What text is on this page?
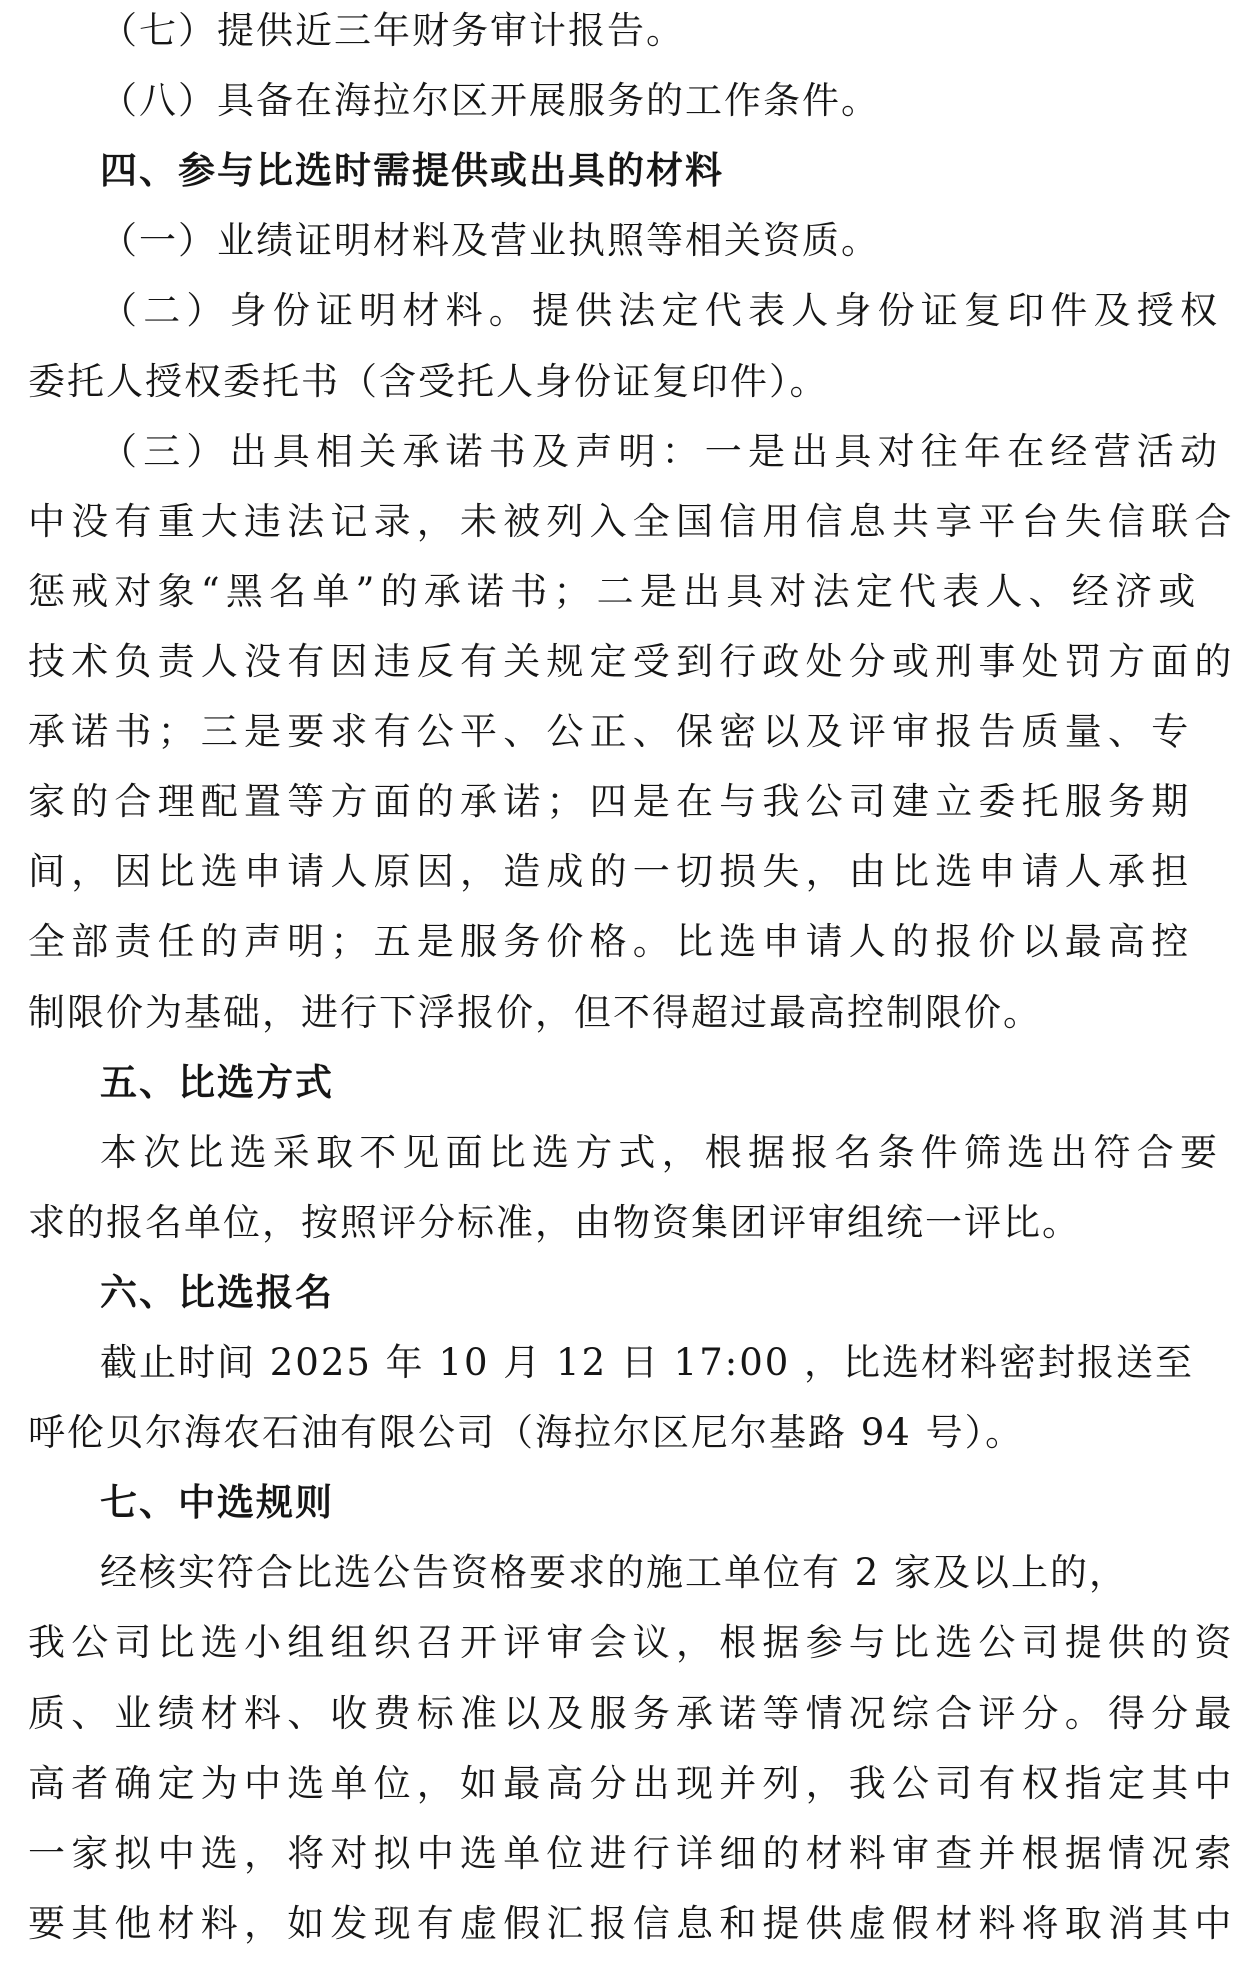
（七）提供近三年财务审计报告。
（八）具备在海拉尔区开展服务的工作条件。
四、参与比选时需提供或出具的材料
（一）业绩证明材料及营业执照等相关资质。
（二）身份证明材料。提供法定代表人身份证复印件及授权
委托人授权委托书（含受托人身份证复印件）。
（三）出具相关承诺书及声明：一是出具对往年在经营活动
中没有重大违法记录，未被列入全国信用信息共享平台失信联合
惩戒对象“黑名单”的承诺书；二是出具对法定代表人、经济或
技术负责人没有因违反有关规定受到行政处分或刑事处罚方面的
承诺书；三是要求有公平、公正、保密以及评审报告质量、专
家的合理配置等方面的承诺；四是在与我公司建立委托服务期
间，因比选申请人原因，造成的一切损失，由比选申请人承担
全部责任的声明；五是服务价格。比选申请人的报价以最高控
制限价为基础，进行下浮报价，但不得超过最高控制限价。
五、比选方式
本次比选采取不见面比选方式，根据报名条件筛选出符合要
求的报名单位，按照评分标准，由物资集团评审组统一评比。
六、比选报名
截止时间 2025 年 10 月 12 日 17:00 ，比选材料密封报送至
呼伦贝尔海农石油有限公司（海拉尔区尼尔基路 94 号）。
七、中选规则
经核实符合比选公告资格要求的施工单位有 2 家及以上的，
我公司比选小组组织召开评审会议，根据参与比选公司提供的资
质、业绩材料、收费标准以及服务承诺等情况综合评分。得分最
高者确定为中选单位，如最高分出现并列，我公司有权指定其中
一家拟中选，将对拟中选单位进行详细的材料审查并根据情况索
要其他材料，如发现有虚假汇报信息和提供虚假材料将取消其中
